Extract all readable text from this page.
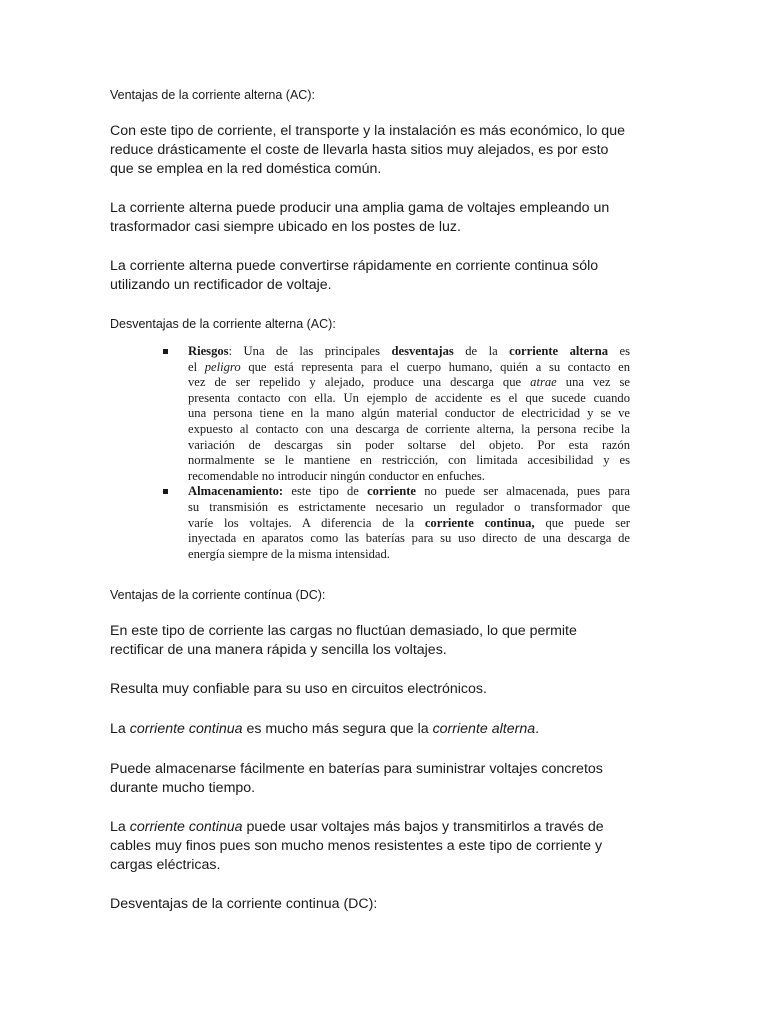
Ventajas de la corriente alterna (AC):
Con este tipo de corriente, el transporte y la instalación es más económico, lo que
reduce drásticamente el coste de llevarla hasta sitios muy alejados, es por esto
que se emplea en la red doméstica común.
La corriente alterna puede producir una amplia gama de voltajes empleando un
trasformador casi siempre ubicado en los postes de luz.
La corriente alterna puede convertirse rápidamente en corriente continua sólo
utilizando un rectificador de voltaje.
Desventajas de la corriente alterna (AC):
Riesgos: Una de las principales desventajas de la corriente alterna es
el peligro que está representa para el cuerpo humano, quién a su contacto en
vez de ser repelido y alejado, produce una descarga que atrae una vez se
presenta contacto con ella. Un ejemplo de accidente es el que sucede cuando
una persona tiene en la mano algún material conductor de electricidad y se ve
expuesto al contacto con una descarga de corriente alterna, la persona recibe la
variación de descargas sin poder soltarse del objeto. Por esta razón
normalmente se le mantiene en restricción, con limitada accesibilidad y es
recomendable no introducir ningún conductor en enfuches.
Almacenamiento: este tipo de corriente no puede ser almacenada, pues para
su transmisión es estrictamente necesario un regulador o transformador que
varíe los voltajes. A diferencia de la corriente continua, que puede ser
inyectada en aparatos como las baterías para su uso directo de una descarga de
energía siempre de la misma intensidad.
Ventajas de la corriente contínua (DC):
En este tipo de corriente las cargas no fluctúan demasiado, lo que permite
rectificar de una manera rápida y sencilla los voltajes.
Resulta muy confiable para su uso en circuitos electrónicos.
La corriente continua es mucho más segura que la corriente alterna.
Puede almacenarse fácilmente en baterías para suministrar voltajes concretos
durante mucho tiempo.
La corriente continua puede usar voltajes más bajos y transmitirlos a través de
cables muy finos pues son mucho menos resistentes a este tipo de corriente y
cargas eléctricas.
Desventajas de la corriente continua (DC):
